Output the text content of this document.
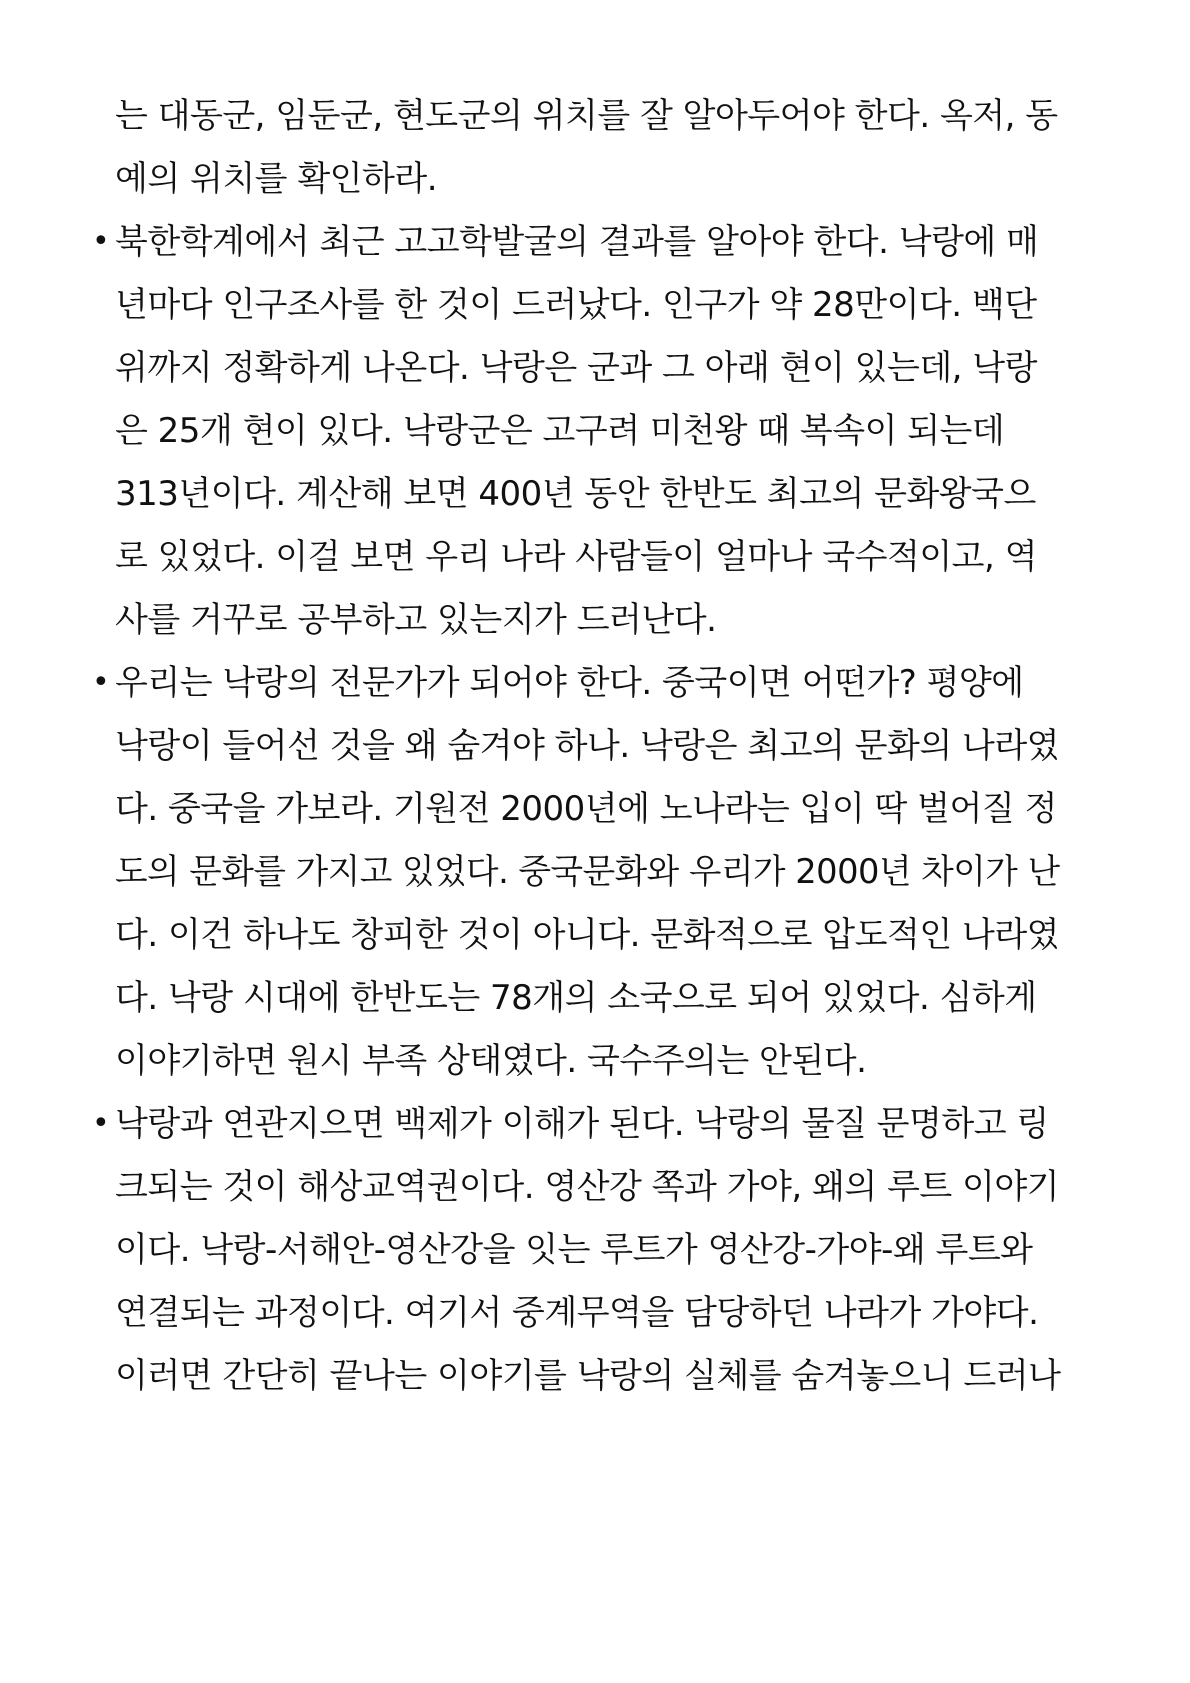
는 대동군, 임둔군, 현도군의 위치를 잘 알아두어야 한다. 옥저, 동
예의 위치를 확인하라.
• 북한학계에서 최근 고고학발굴의 결과를 알아야 한다. 낙랑에 매
년마다 인구조사를 한 것이 드러났다. 인구가 약 28만이다. 백단
위까지 정확하게 나온다. 낙랑은 군과 그 아래 현이 있는데, 낙랑
은 25개 현이 있다. 낙랑군은 고구려 미천왕 때 복속이 되는데
313년이다. 계산해 보면 400년 동안 한반도 최고의 문화왕국으
로 있었다. 이걸 보면 우리 나라 사람들이 얼마나 국수적이고, 역
사를 거꾸로 공부하고 있는지가 드러난다.
• 우리는 낙랑의 전문가가 되어야 한다. 중국이면 어떤가? 평양에
낙랑이 들어선 것을 왜 숨겨야 하나. 낙랑은 최고의 문화의 나라였
다. 중국을 가보라. 기원전 2000년에 노나라는 입이 딱 벌어질 정
도의 문화를 가지고 있었다. 중국문화와 우리가 2000년 차이가 난
다. 이건 하나도 창피한 것이 아니다. 문화적으로 압도적인 나라였
다. 낙랑 시대에 한반도는 78개의 소국으로 되어 있었다. 심하게
이야기하면 원시 부족 상태였다. 국수주의는 안된다.
• 낙랑과 연관지으면 백제가 이해가 된다. 낙랑의 물질 문명하고 링
크되는 것이 해상교역권이다. 영산강 쪽과 가야, 왜의 루트 이야기
이다. 낙랑-서해안-영산강을 잇는 루트가 영산강-가야-왜 루트와
연결되는 과정이다. 여기서 중계무역을 담당하던 나라가 가야다.
이러면 간단히 끝나는 이야기를 낙랑의 실체를 숨겨놓으니 드러나
